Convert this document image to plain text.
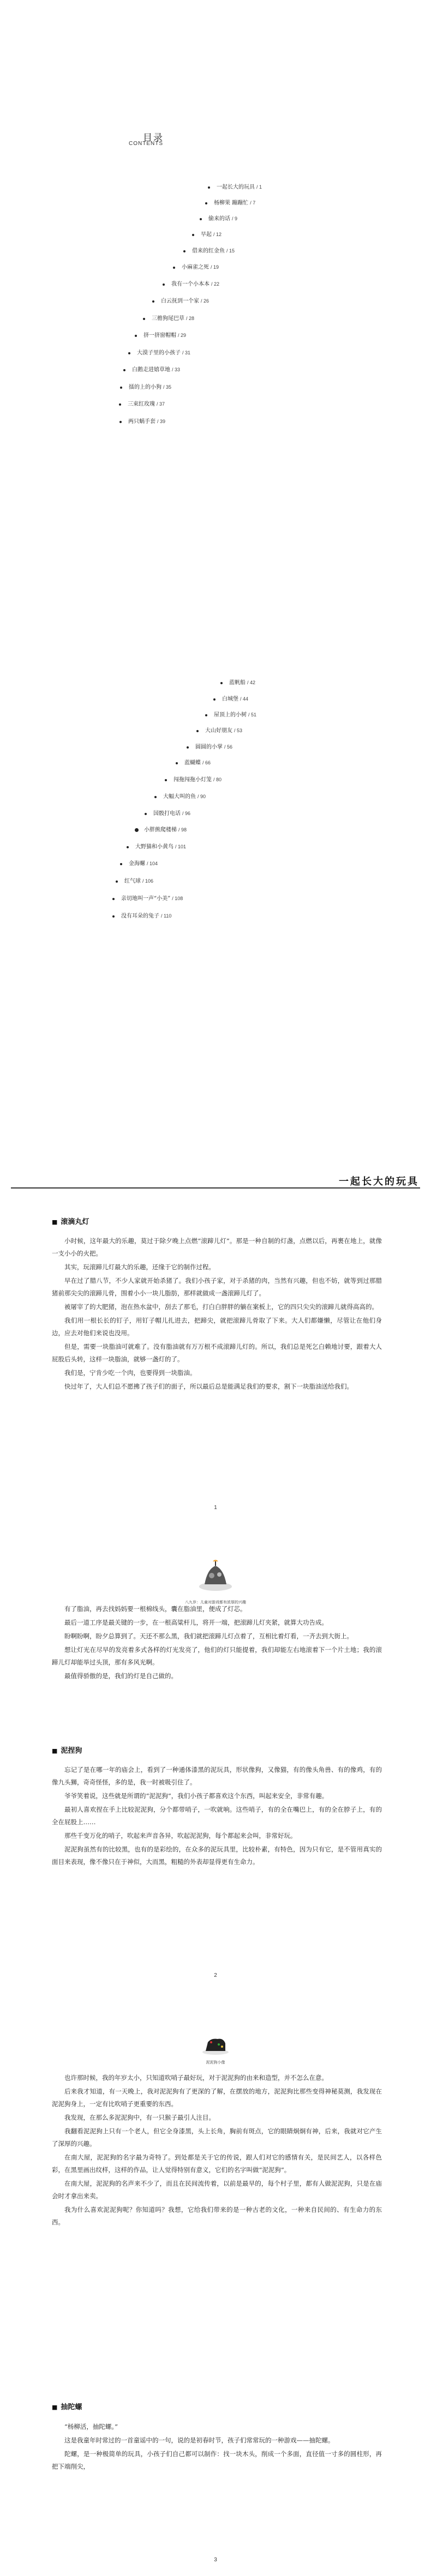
目录
CONTENTS
一起长大的玩具 / 1
杨柳果 蹦蹦忙 / 7
偷来的话 / 9
早起 / 12
借来的红金鱼 / 15
小麻雀之死 / 19
我有一个小本本 / 22
白云抚到一个家 / 26
三檐狗尾巴草 / 28
挤一挤窗帽帽 / 29
大漠子里的小孩子 / 31
白鹅走进嬉草地 / 33
擂的上的小狗 / 35
三束红玫瑰 / 37
两只蜗手套 / 39
蓝帆船 / 42
白城堡 / 44
屋顶上的小树 / 51
大山好朋友 / 53
圆圆的小掌 / 56
蓝蝴蝶 / 66
闯拖闯拖小灯笼 / 80
大幅大叫的鱼 / 90
国骰打电话 / 96
小胖熊爬楼梯 / 98
大野猫和小黄鸟 / 101
金海螺 / 104
红气球 / 106
亲切地叫一声“小美” / 108
没有耳朵的兔子 / 110
一起长大的玩具
■ 滚滴丸灯
小时候，这年最大的乐趣，莫过于除夕晚上点燃“滚蹄儿灯”。那是一种自制的灯盏，点燃以后，再裹在地上，就像一支小小的火把。
其实，玩滚蹄儿灯最大的乐趣，还缘于它的制作过程。
早在过了腊八节，不少人家就开始杀猪了。我们小孩子家，对于杀猪的肉，当然有兴趣，但也不妨，就等到过那腊猪前那尖尖的滚蹄儿骨，围着小小一块儿脂肪，那样就做成一盏滚蹄儿灯了。
被屠宰了的大肥猪，泡在热水盆中，刮去了那毛，打白白胖胖的躺在案板上，它的四只尖尖的滚蹄儿就得高高的。
我们用一根长长的钉子，用钉子帽儿扎进去，把蹄尖，就把滚蹄儿骨取了下来。大人们都嫌懒，尽管让在他们身边，应去对他们来说也没用。
但是，需要一块脂油可就难了。没有脂油就有万万根不成滚蹄儿灯的。所以，我们总是死乞白赖地讨要，跟着大人屁股后头转，这样一块脂油，就够一盏灯的了。
我们是，宁肯少吃一个肉，也要得到一块脂油。
快过年了，大人们总不愿拂了孩子们的面子，所以最后总是能满足我们的要求，割下一块脂油送给我们。
1
八九岁：儿童对游戏都有浓厚的兴趣
有了脂油，再去找妈妈要一根棉线头，囊在脂油里，便成了灯芯。
最后一道工序是最关键的一步，在一根高粱杆儿，将开一端，把滚蹄儿灯夹紧，就算大功告成。
盼啊盼啊，盼夕总算到了。天还不那么黑，我们就把滚蹄儿灯点着了，互相比着灯看，一齐去到大街上。
想让灯光在尽早的发亮着多式各样的灯光发亮了，他们的灯只能提着，我们却能左右地滚着下一个片土地；我的滚蹄儿灯却能举过头顶，那有多风光啊。
最值得骄傲的是，我们的灯是自己做的。
■ 泥捏狗
忘记了是在哪一年的庙会上，看到了一种通体漆黑的泥玩具，形状像狗，又像猫，有的像头角兽、有的像鸡，有的像九头狮，奇奇怪怪，多的是，我一时被吸引住了。
爷爷笑着说，这些就是所谓的“泥泥狗”，我们小孩子都喜欢这个东西，叫起来安全，非常有趣。
最初人喜欢捏在手上比较泥泥狗，分个都带哨子，一吹就响。这些哨子，有的全在嘴巴上，有的全在脖子上，有的全在屁股上……
那些千变万化的哨子，吹起来声音各异，吹起泥泥狗，每个都起来会叫，非常好玩。
泥泥狗虽然有的比较黑，也有的是彩绘的，在众多的泥玩具里，比较朴素，有特色，因为只有它，是不管用真实的面目来表现，像不像只在于神似，大而黑，粗糙的外表却显得更有生命力。
2
泥泥狗小像
也许那时候，我的年岁太小，只知道吹哨子最好玩，对于泥泥狗的由来和造型，并不怎么在意。
后来我才知道，有一天晚上，我对泥泥狗有了更深的了解，在摆放的地方，泥泥狗比那些变得神秘莫测，我发现在泥泥狗身上，一定有比吹哨子更重要的东西。
我发现，在那么多泥泥狗中，有一只猴子最引人注目。
我翻看泥泥狗上只有一个老人，但它全身漆黑，头上长角，胸前有斑点，它的眼睛炯炯有神，后来，我就对它产生了深厚的兴趣。
在南大屋，泥泥狗的名字最为奇特了。到处都是关于它的传说，跟人们对它的感情有关，是民间艺人，以各样色彩，在黑里画出纹样，这样的作品，让人觉得特别有意义，它们的名字叫做“泥泥狗”。
在南大屋，泥泥狗的名声来不少了，而且在民间流传着，以前是最早的，每个村子里，都有人做泥泥狗，只是在庙会时才拿出来卖。
我为什么喜欢泥泥狗呢？你知道吗？我想，它给我们带来的是一种古老的文化，一种来自民间的、有生命力的东西。
■ 抽陀螺
“杨柳活，抽陀螺。”
这是我童年时常过的一首童谣中的一句，说的是初春时节，孩子们常常玩的一种游戏——抽陀螺。
陀螺，是一种极简单的玩具，小孩子们自己都可以制作：找一块木头，削成一个多面，直径值一寸多的圆柱形，再把下端削尖，
3
